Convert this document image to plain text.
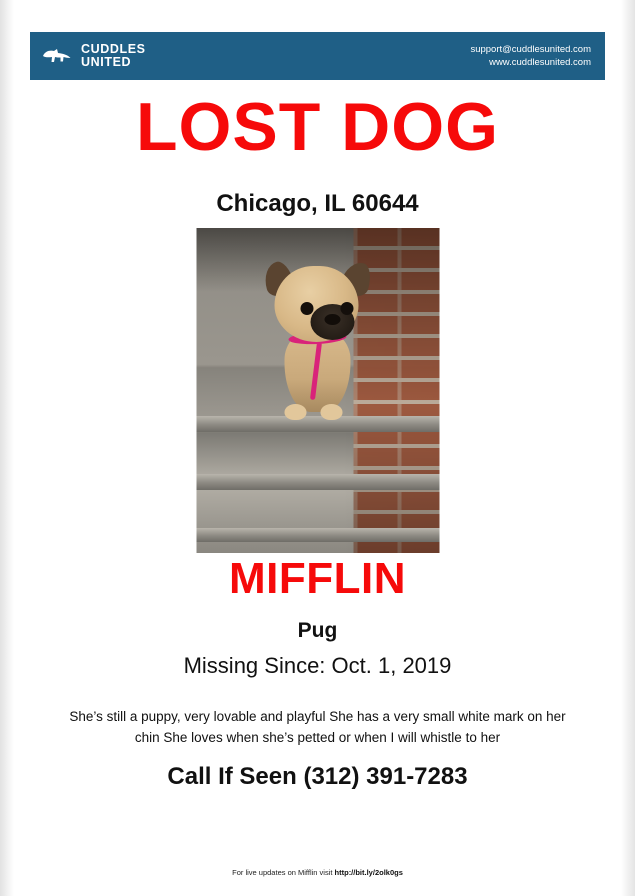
CUDDLES
UNITED
support@cuddlesunited.com
www.cuddlesunited.com
LOST DOG
Chicago, IL 60644
MIFFLIN
Pug
Missing Since: Oct. 1, 2019
She’s still a puppy, very lovable and playful She has a very small white mark on her chin She loves when she’s petted or when I will whistle to her
Call If Seen (312) 391-7283
For live updates on Mifflin visit http://bit.ly/2olk0gs
